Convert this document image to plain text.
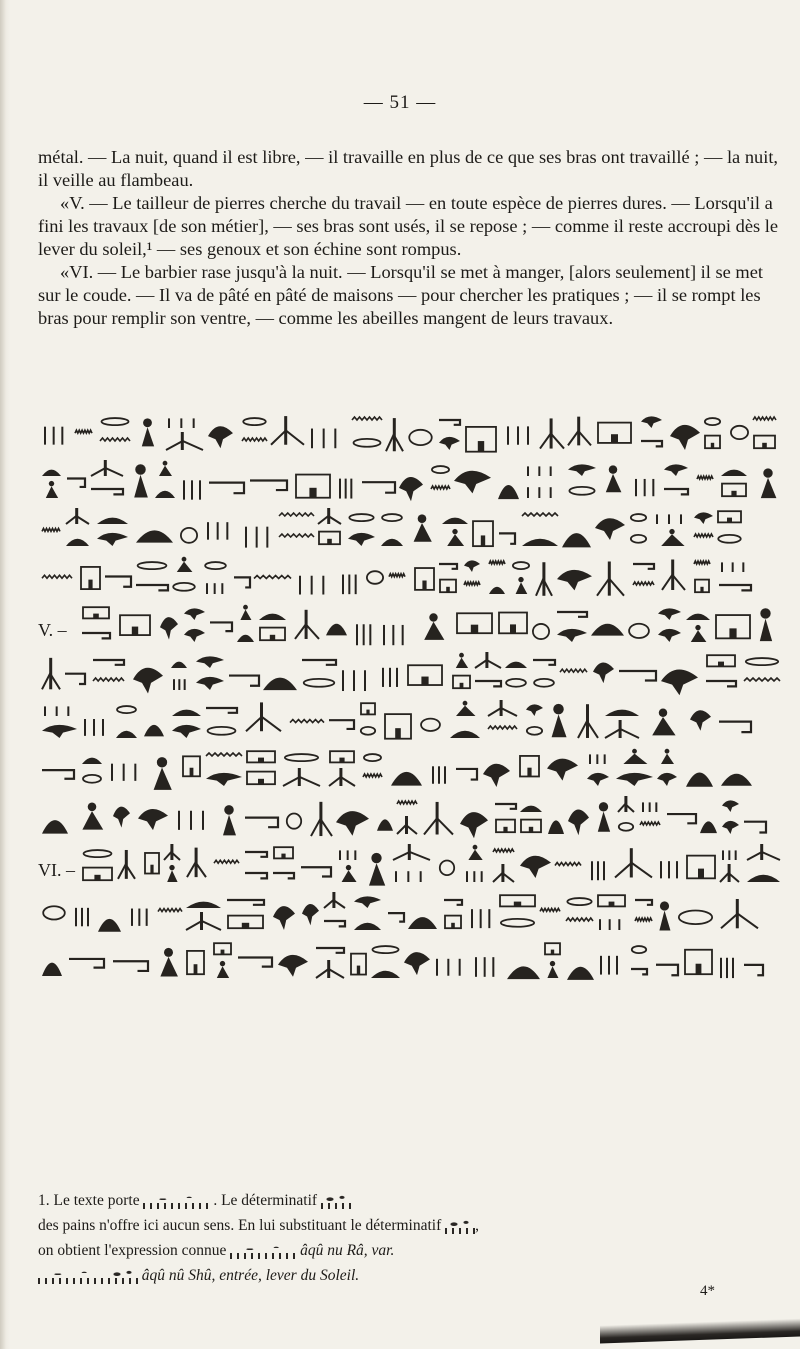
— 51 —

métal. — La nuit, quand il est libre, — il travaille en plus de ce que ses bras ont travaillé ; — la nuit, il veille au flambeau.

«V. — Le tailleur de pierres cherche du travail — en toute espèce de pierres dures. — Lorsqu'il a fini les travaux [de son métier], — ses bras sont usés, il se repose ; — comme il reste accroupi dès le lever du soleil,¹ — ses genoux et son échine sont rompus.

«VI. — Le barbier rase jusqu'à la nuit. — Lorsqu'il se met à manger, [alors seulement] il se met sur le coude. — Il va de pâté en pâté de maisons — pour chercher les pratiques ; — il se rompt les bras pour remplir son ventre, — comme les abeilles mangent de leurs travaux.

V. –
VI. –

1. Le texte porte	. Le déterminatif

des pains n'offre ici aucun sens. En lui substituant le déterminatif ,

on obtient l'expression connue	âqû nu Râ, var.

âqû nû Shû, entrée, lever du Soleil.

4*
